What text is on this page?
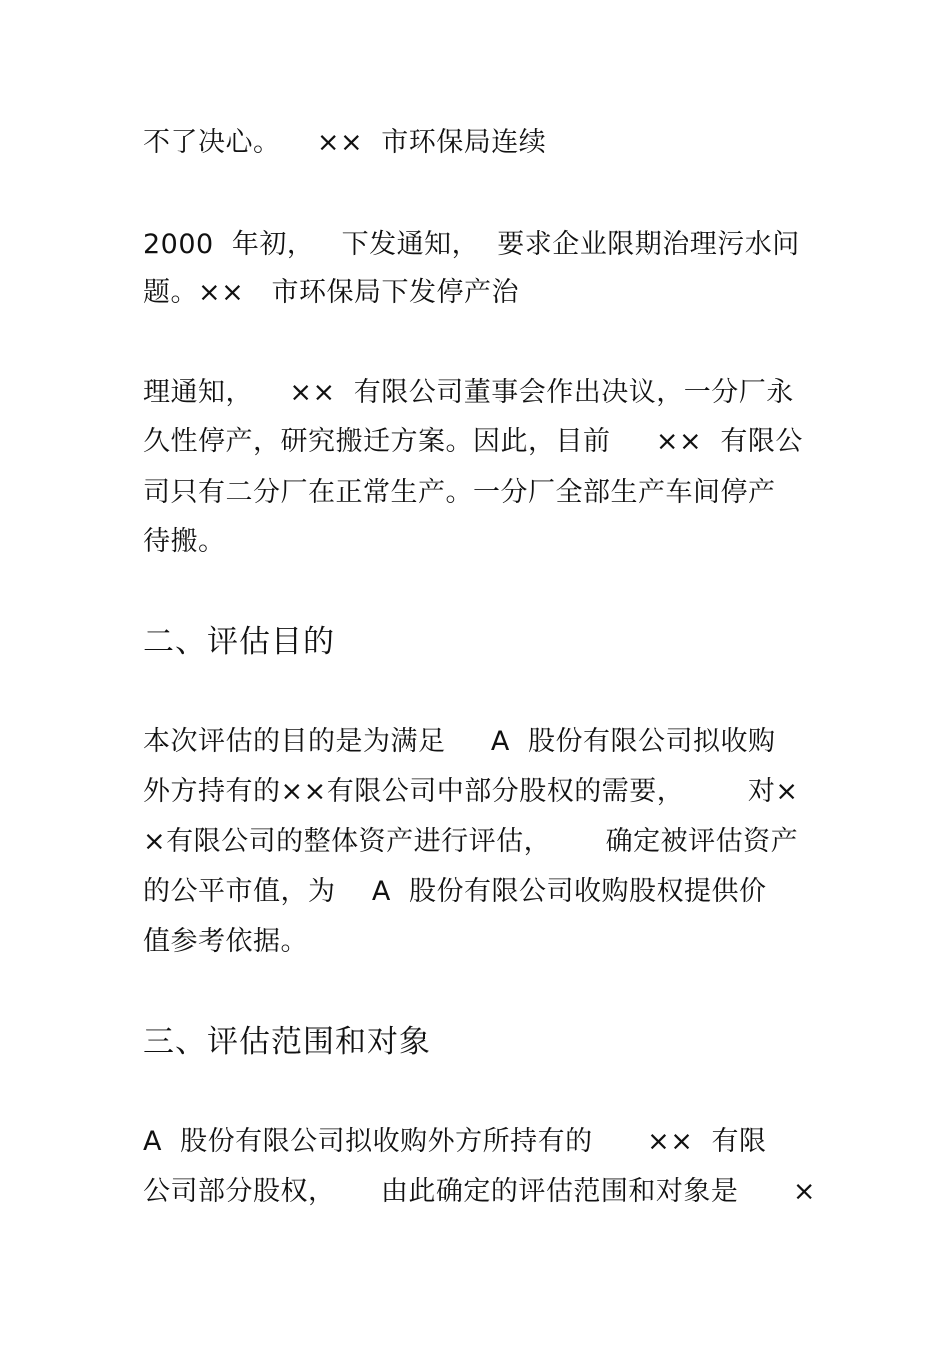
不了决心。    ××  市环保局连续
2000  年初，   下发通知，  要求企业限期治理污水问
题。××   市环保局下发停产治
理通知，    ××  有限公司董事会作出决议，一分厂永
久性停产，研究搬迁方案。因此，目前     ××  有限公
司只有二分厂在正常生产。一分厂全部生产车间停产
待搬。
二、评估目的
本次评估的目的是为满足     A  股份有限公司拟收购
外方持有的××有限公司中部分股权的需要，       对×
×有限公司的整体资产进行评估，      确定被评估资产
的公平市值，为    A  股份有限公司收购股权提供价
值参考依据。
三、评估范围和对象
A  股份有限公司拟收购外方所持有的      ××  有限
公司部分股权，     由此确定的评估范围和对象是      ×
